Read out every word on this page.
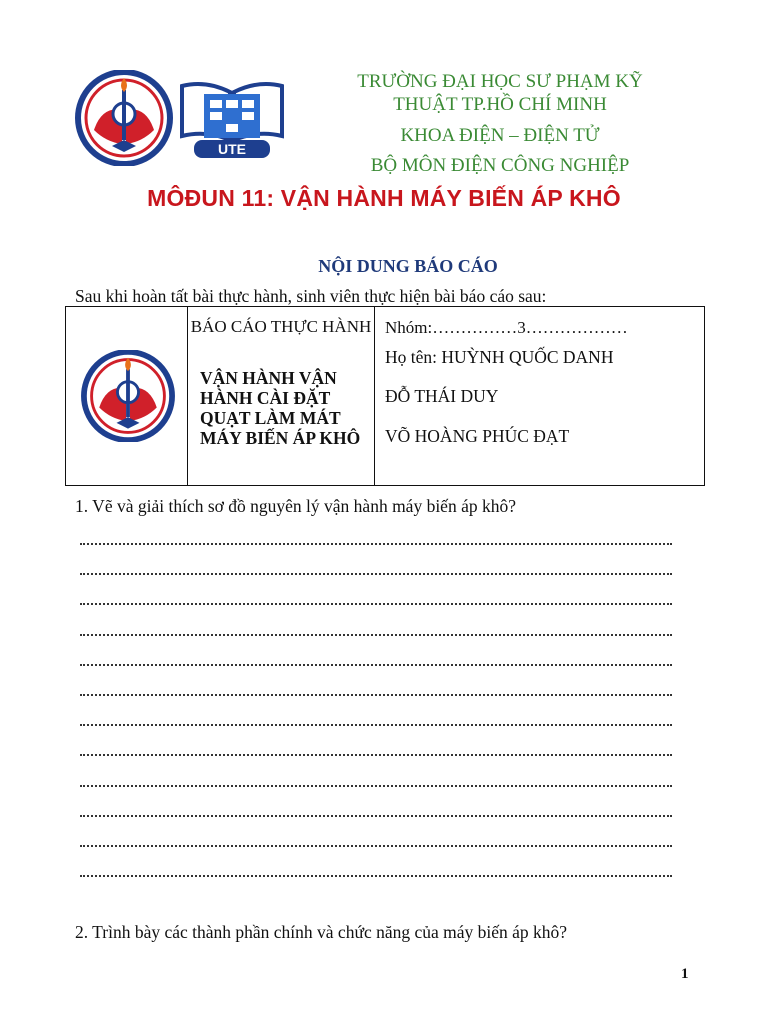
UTE
TRƯỜNG ĐẠI HỌC SƯ PHẠM KỸ
THUẬT TP.HỒ CHÍ MINH
KHOA ĐIỆN – ĐIỆN TỬ
BỘ MÔN ĐIỆN CÔNG NGHIỆP
MÔĐUN 11: VẬN HÀNH MÁY BIẾN ÁP KHÔ
NỘI DUNG BÁO CÁO
Sau khi hoàn tất bài thực hành, sinh viên thực hiện bài báo cáo sau:
BÁO CÁO THỰC HÀNH
VẬN HÀNH VẬN HÀNH CÀI ĐẶT QUẠT LÀM MÁT MÁY BIẾN ÁP KHÔ
Nhóm:……………3………………
Họ tên: HUỲNH QUỐC DANH
ĐỖ THÁI DUY
VÕ HOÀNG PHÚC ĐẠT
1. Vẽ và giải thích sơ đồ nguyên lý vận hành máy biến áp khô?
2. Trình bày các thành phần chính và chức năng của máy biến áp khô?
1
